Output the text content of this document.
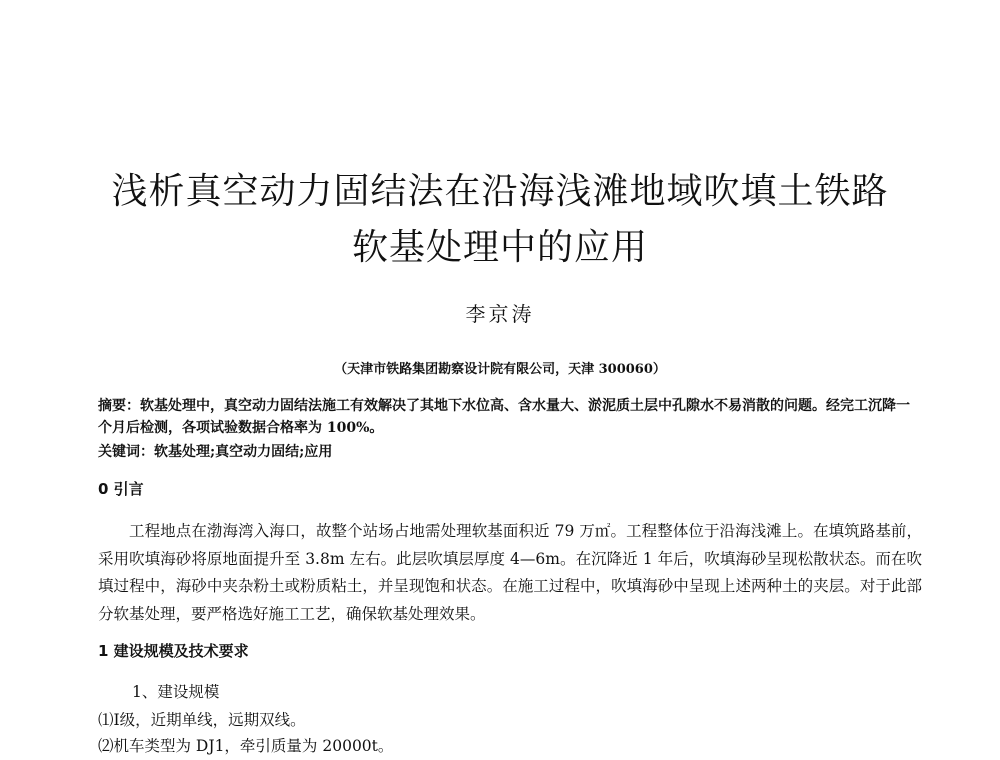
浅析真空动力固结法在沿海浅滩地域吹填土铁路
软基处理中的应用
李京涛
（天津市铁路集团勘察设计院有限公司，天津 300060）
摘要：软基处理中，真空动力固结法施工有效解决了其地下水位高、含水量大、淤泥质土层中孔隙水不易消散的问题。经完工沉降一个月后检测，各项试验数据合格率为 100%。
关键词：软基处理;真空动力固结;应用
0 引言
工程地点在渤海湾入海口，故整个站场占地需处理软基面积近 79 万㎡。工程整体位于沿海浅滩上。在填筑路基前，采用吹填海砂将原地面提升至 3.8m 左右。此层吹填层厚度 4—6m。在沉降近 1 年后，吹填海砂呈现松散状态。而在吹填过程中，海砂中夹杂粉土或粉质粘土，并呈现饱和状态。在施工过程中，吹填海砂中呈现上述两种土的夹层。对于此部分软基处理，要严格选好施工工艺，确保软基处理效果。
1 建设规模及技术要求
1、建设规模
⑴Ⅰ级，近期单线，远期双线。
⑵机车类型为 DJ1，牵引质量为 20000t。
